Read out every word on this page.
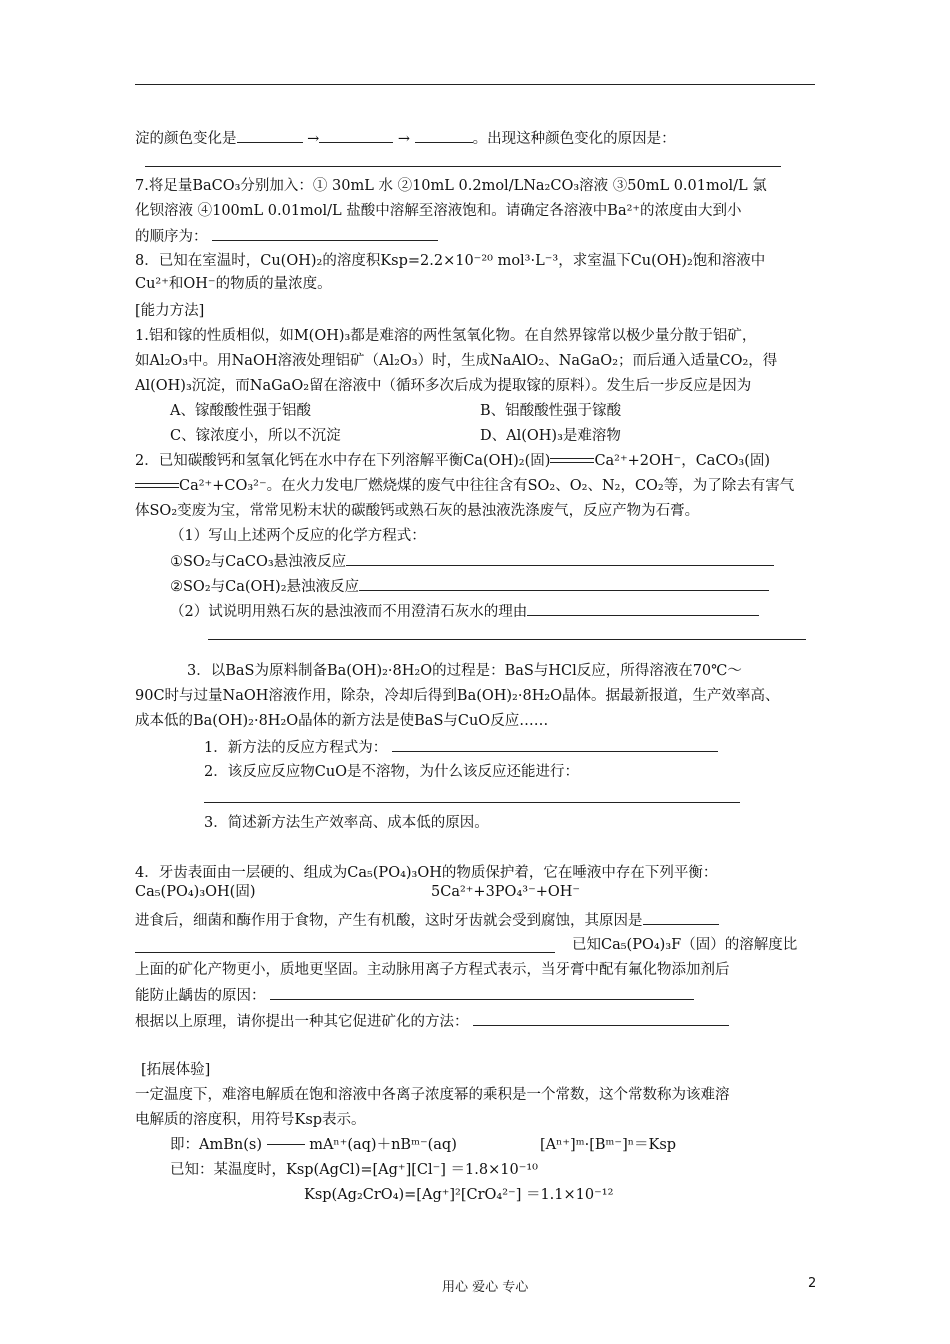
淀的颜色变化是	→	→	。出现这种颜色变化的原因是：
7.将足量BaCO₃分别加入：① 30mL 水 ②10mL 0.2mol/LNa₂CO₃溶液 ③50mL 0.01mol/L 氯
化钡溶液 ④100mL 0.01mol/L 盐酸中溶解至溶液饱和。请确定各溶液中Ba²⁺的浓度由大到小
的顺序为：
8．已知在室温时，Cu(OH)₂的溶度积Ksp=2.2×10⁻²⁰ mol³·L⁻³，求室温下Cu(OH)₂饱和溶液中
Cu²⁺和OH⁻的物质的量浓度。
[能力方法]
1.铝和镓的性质相似，如M(OH)₃都是难溶的两性氢氧化物。在自然界镓常以极少量分散于铝矿，
如Al₂O₃中。用NaOH溶液处理铝矿（Al₂O₃）时，生成NaAlO₂、NaGaO₂；而后通入适量CO₂，得
Al(OH)₃沉淀，而NaGaO₂留在溶液中（循环多次后成为提取镓的原料）。发生后一步反应是因为
A、镓酸酸性强于铝酸	B、铝酸酸性强于镓酸
C、镓浓度小，所以不沉淀	D、Al(OH)₃是难溶物
2．已知碳酸钙和氢氧化钙在水中存在下列溶解平衡Ca(OH)₂(固)	Ca²⁺+2OH⁻，CaCO₃(固)
Ca²⁺+CO₃²⁻。在火力发电厂燃烧煤的废气中往往含有SO₂、O₂、N₂，CO₂等，为了除去有害气
体SO₂变废为宝，常常见粉末状的碳酸钙或熟石灰的悬浊液洗涤废气，反应产物为石膏。
（1）写山上述两个反应的化学方程式：
①SO₂与CaCO₃悬浊液反应
②SO₂与Ca(OH)₂悬浊液反应
（2）试说明用熟石灰的悬浊液而不用澄清石灰水的理由
3．以BaS为原料制备Ba(OH)₂·8H₂O的过程是：BaS与HCl反应，所得溶液在70℃～
90C时与过量NaOH溶液作用，除杂，冷却后得到Ba(OH)₂·8H₂O晶体。据最新报道，生产效率高、
成本低的Ba(OH)₂·8H₂O晶体的新方法是使BaS与CuO反应……
1．新方法的反应方程式为：
2．该反应反应物CuO是不溶物，为什么该反应还能进行：
3．简述新方法生产效率高、成本低的原因。
4．牙齿表面由一层硬的、组成为Ca₅(PO₄)₃OH的物质保护着，它在唾液中存在下列平衡：
Ca₅(PO₄)₃OH(固)	5Ca²⁺+3PO₄³⁻+OH⁻
进食后，细菌和酶作用于食物，产生有机酸，这时牙齿就会受到腐蚀，其原因是
已知Ca₅(PO₄)₃F（固）的溶解度比
上面的矿化产物更小，质地更坚固。主动脉用离子方程式表示，当牙膏中配有氟化物添加剂后
能防止龋齿的原因：
根据以上原理，请你提出一种其它促进矿化的方法：
[拓展体验]
一定温度下，难溶电解质在饱和溶液中各离子浓度幂的乘积是一个常数，这个常数称为该难溶
电解质的溶度积，用符号Ksp表示。
即：AmBn(s)	mAⁿ⁺(aq)＋nBᵐ⁻(aq)	[Aⁿ⁺]ᵐ·[Bᵐ⁻]ⁿ＝Ksp
已知：某温度时，Ksp(AgCl)=[Ag⁺][Cl⁻] ＝1.8×10⁻¹⁰
Ksp(Ag₂CrO₄)=[Ag⁺]²[CrO₄²⁻] ＝1.1×10⁻¹²
用心 爱心 专心	2
